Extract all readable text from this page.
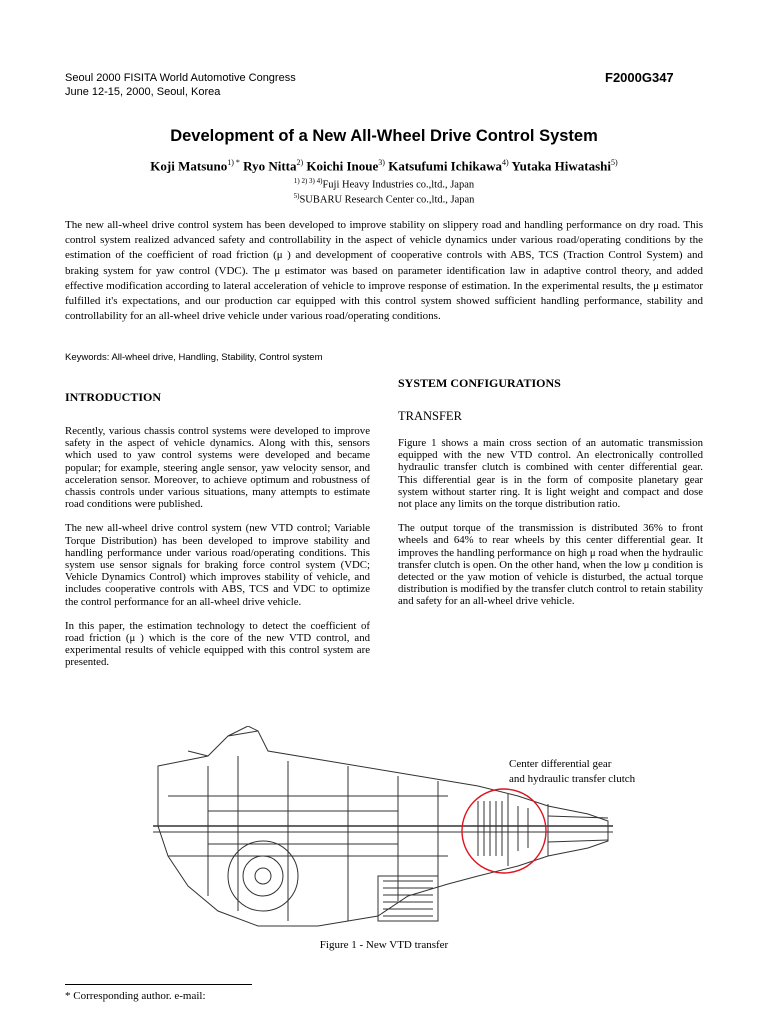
Seoul 2000 FISITA World Automotive Congress
June 12-15, 2000, Seoul, Korea
F2000G347
Development of a New All-Wheel Drive Control System
Koji Matsuno$^{1) *}$ Ryo Nitta$^{2)}$ Koichi Inoue$^{3)}$ Katsufumi Ichikawa$^{4)}$ Yutaka Hiwatashi$^{5)}$
$^{1) 2) 3) 4)}$Fuji Heavy Industries co.,ltd., Japan
$^{5)}$SUBARU Research Center co.,ltd., Japan
The new all-wheel drive control system has been developed to improve stability on slippery road and handling performance on dry road. This control system realized advanced safety and controllability in the aspect of vehicle dynamics under various road/operating conditions by the estimation of the coefficient of road friction (μ ) and development of cooperative controls with ABS, TCS (Traction Control System) and braking system for yaw control (VDC). The μ estimator was based on parameter identification law in adaptive control theory, and added effective modification according to lateral acceleration of vehicle to improve response of estimation. In the experimental results, the μ estimator fulfilled it's expectations, and our production car equipped with this control system showed sufficient handling performance, stability and controllability for an all-wheel drive vehicle under various road/operating conditions.
Keywords: All-wheel drive, Handling, Stability, Control system
INTRODUCTION

Recently, various chassis control systems were developed to improve safety in the aspect of vehicle dynamics. Along with this, sensors which used to yaw control systems were developed and became popular; for example, steering angle sensor, yaw velocity sensor, and acceleration sensor. Moreover, to achieve optimum and robustness of chassis controls under various situations, many attempts to estimate road conditions were published.

The new all-wheel drive control system (new VTD control; Variable Torque Distribution) has been developed to improve stability and handling performance under various road/operating conditions. This system use sensor signals for braking force control system (VDC; Vehicle Dynamics Control) which improves stability of vehicle, and includes cooperative controls with ABS, TCS and VDC to optimize the control performance for an all-wheel drive vehicle.

In this paper, the estimation technology to detect the coefficient of road friction (μ ) which is the core of the new VTD control, and experimental results of vehicle equipped with this control system are presented.

SYSTEM CONFIGURATIONS
TRANSFER

Figure 1 shows a main cross section of an automatic transmission equipped with the new VTD control. An electronically controlled hydraulic transfer clutch is combined with center differential gear. This differential gear is in the form of composite planetary gear system without starter ring. It is light weight and compact and dose not place any limits on the torque distribution ratio.

The output torque of the transmission is distributed 36% to front wheels and 64% to rear wheels by this center differential gear. It improves the handling performance on high μ road when the hydraulic transfer clutch is open. On the other hand, when the low μ condition is detected or the yaw motion of vehicle is disturbed, the actual torque distribution is modified by the transfer clutch control to retain stability and safety for an all-wheel drive vehicle.

Center differential gear
and hydraulic transfer clutch
Figure 1 - New VTD transfer
* Corresponding author. e-mail:
